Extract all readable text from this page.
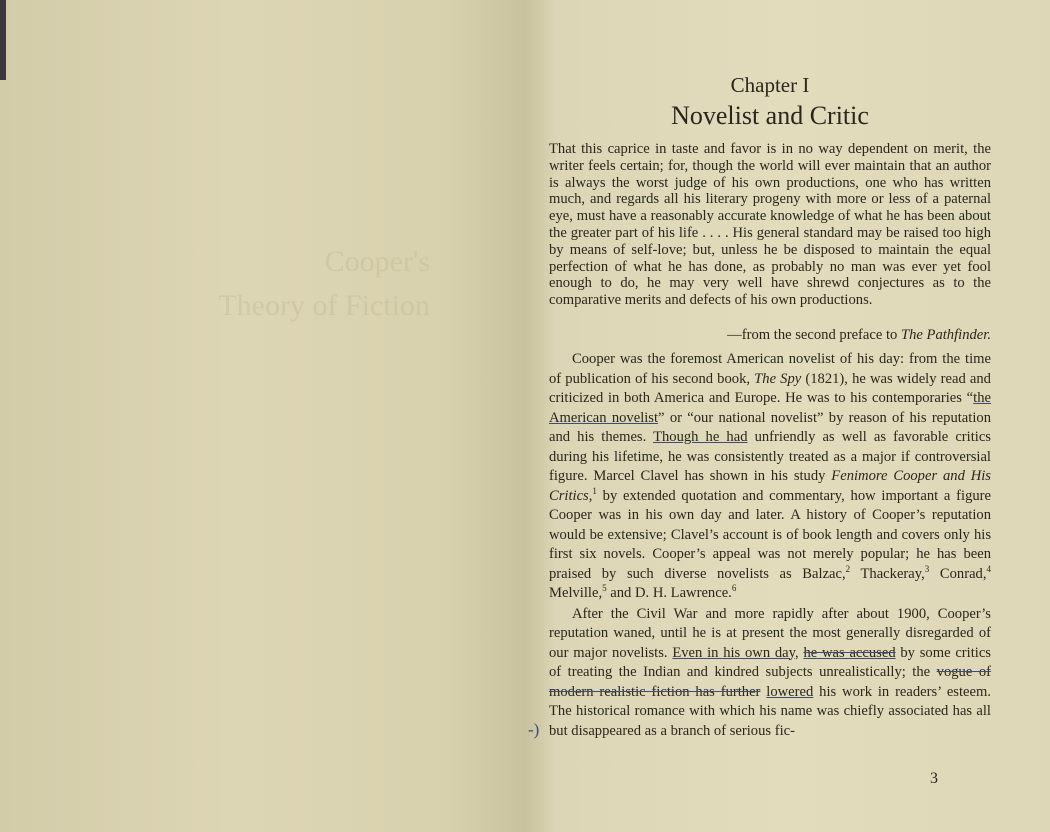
Cooper's
Theory of Fiction
Chapter I
Novelist and Critic
That this caprice in taste and favor is in no way dependent on merit, the writer feels certain; for, though the world will ever maintain that an author is always the worst judge of his own productions, one who has written much, and regards all his literary progeny with more or less of a paternal eye, must have a reasonably accurate knowledge of what he has been about the greater part of his life . . . . His general standard may be raised too high by means of self-love; but, unless he be disposed to maintain the equal perfection of what he has done, as probably no man was ever yet fool enough to do, he may very well have shrewd conjectures as to the comparative merits and defects of his own productions.
—from the second preface to The Pathfinder.

Cooper was the foremost American novelist of his day: from the time of publication of his second book, The Spy (1821), he was widely read and criticized in both America and Europe. He was to his contemporaries “the American novelist” or “our national novelist” by reason of his reputation and his themes. Though he had unfriendly as well as favorable critics during his lifetime, he was consistently treated as a major if controversial figure. Marcel Clavel has shown in his study Fenimore Cooper and His Critics,$^1$ by extended quotation and commentary, how important a figure Cooper was in his own day and later. A history of Cooper’s reputation would be extensive; Clavel’s account is of book length and covers only his first six novels. Cooper’s appeal was not merely popular; he has been praised by such diverse novelists as Balzac,$^2$ Thackeray,$^3$ Conrad,$^4$ Melville,$^5$ and D. H. Lawrence.$^6$

After the Civil War and more rapidly after about 1900, Cooper’s reputation waned, until he is at present the most generally disregarded of our major novelists. Even in his own day, he was accused by some critics of treating the Indian and kindred subjects unrealistically; the vogue of modern realistic fiction has further lowered his work in readers’ esteem. The historical romance with which his name was chiefly associated has all but disappeared as a branch of serious fic-

-)
3
